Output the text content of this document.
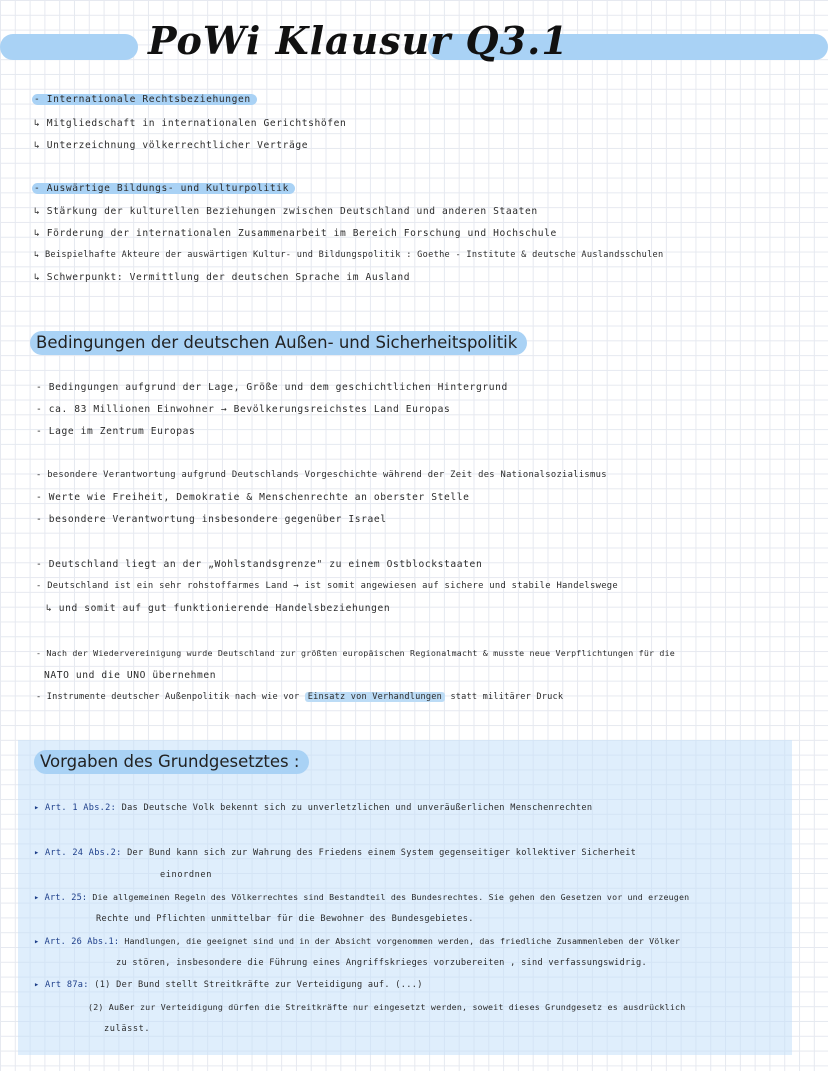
PoWi Klausur Q3.1
- Internationale Rechtsbeziehungen
↳ Mitgliedschaft in internationalen Gerichtshöfen
↳ Unterzeichnung völkerrechtlicher Verträge
- Auswärtige Bildungs- und Kulturpolitik
↳ Stärkung der kulturellen Beziehungen zwischen Deutschland und anderen Staaten
↳ Förderung der internationalen Zusammenarbeit im Bereich Forschung und Hochschule
↳ Beispielhafte Akteure der auswärtigen Kultur- und Bildungspolitik : Goethe - Institute & deutsche Auslandsschulen
↳ Schwerpunkt: Vermittlung der deutschen Sprache im Ausland
Bedingungen der deutschen Außen- und Sicherheitspolitik
- Bedingungen aufgrund der Lage, Größe und dem geschichtlichen Hintergrund
- ca. 83 Millionen Einwohner → Bevölkerungsreichstes Land Europas
- Lage im Zentrum Europas
- besondere Verantwortung aufgrund Deutschlands Vorgeschichte während der Zeit des Nationalsozialismus
- Werte wie Freiheit, Demokratie & Menschenrechte an oberster Stelle
- besondere Verantwortung insbesondere gegenüber Israel
- Deutschland liegt an der „Wohlstandsgrenze" zu einem Ostblockstaaten
- Deutschland ist ein sehr rohstoffarmes Land → ist somit angewiesen auf sichere und stabile Handelswege
↳ und somit auf gut funktionierende Handelsbeziehungen
- Nach der Wiedervereinigung wurde Deutschland zur größten europäischen Regionalmacht & musste neue Verpflichtungen für die
NATO und die UNO übernehmen
- Instrumente deutscher Außenpolitik nach wie vor Einsatz von Verhandlungen statt militärer Druck
Vorgaben des Grundgesetztes :
▸ Art. 1 Abs.2: Das Deutsche Volk bekennt sich zu unverletzlichen und unveräußerlichen Menschenrechten
▸ Art. 24 Abs.2: Der Bund kann sich zur Wahrung des Friedens einem System gegenseitiger kollektiver Sicherheit
einordnen
▸ Art. 25: Die allgemeinen Regeln des Völkerrechtes sind Bestandteil des Bundesrechtes. Sie gehen den Gesetzen vor und erzeugen
Rechte und Pflichten unmittelbar für die Bewohner des Bundesgebietes.
▸ Art. 26 Abs.1: Handlungen, die geeignet sind und in der Absicht vorgenommen werden, das friedliche Zusammenleben der Völker
zu stören, insbesondere die Führung eines Angriffskrieges vorzubereiten , sind verfassungswidrig.
▸ Art 87a: (1) Der Bund stellt Streitkräfte zur Verteidigung auf. (...)
(2) Außer zur Verteidigung dürfen die Streitkräfte nur eingesetzt werden, soweit dieses Grundgesetz es ausdrücklich
zulässt.
